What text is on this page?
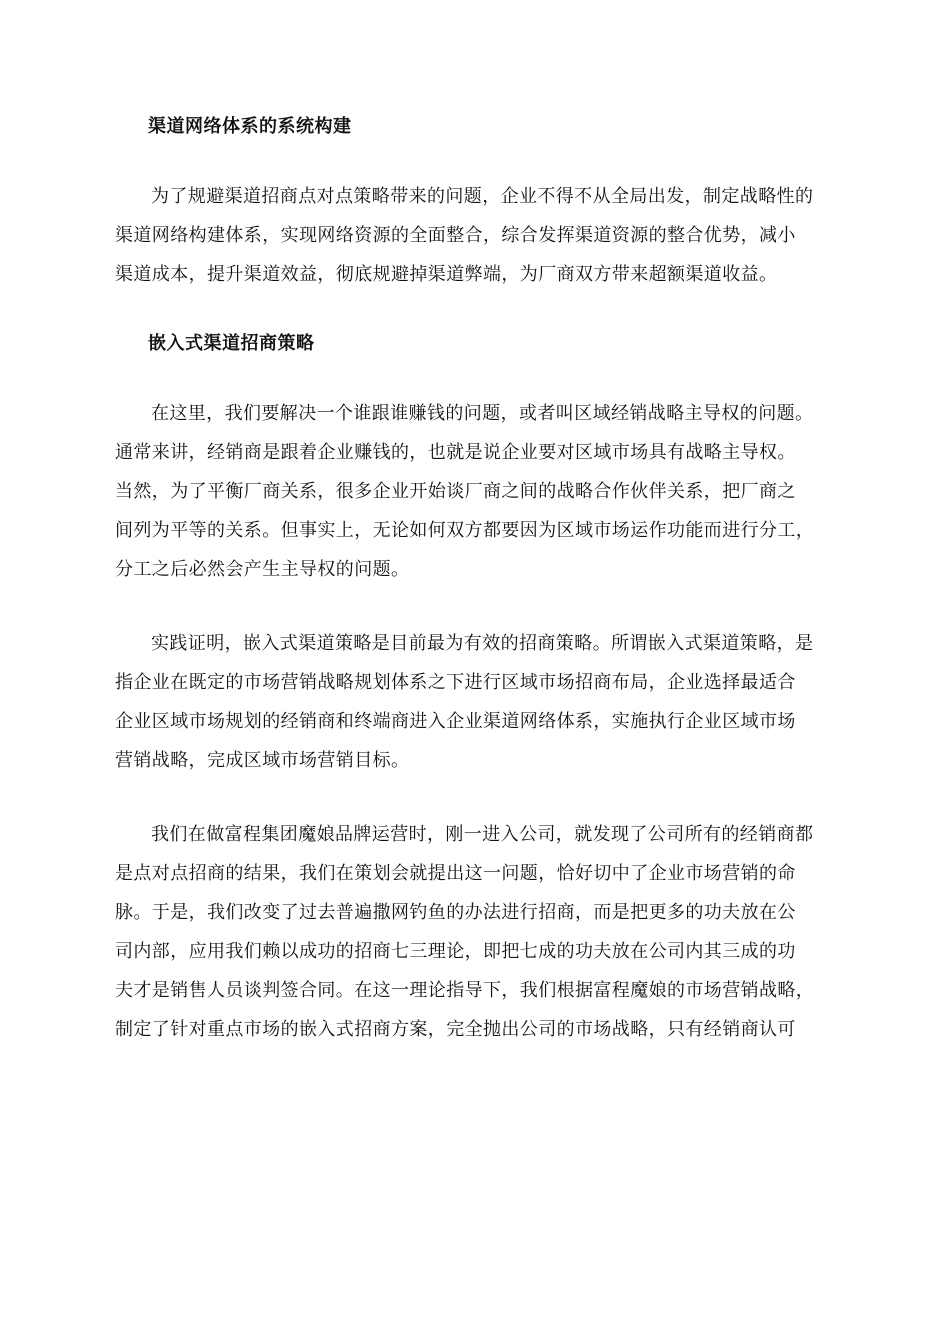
渠道网络体系的系统构建
为了规避渠道招商点对点策略带来的问题，企业不得不从全局出发，制定战略性的
渠道网络构建体系，实现网络资源的全面整合，综合发挥渠道资源的整合优势，减小
渠道成本，提升渠道效益，彻底规避掉渠道弊端，为厂商双方带来超额渠道收益。
嵌入式渠道招商策略
在这里，我们要解决一个谁跟谁赚钱的问题，或者叫区域经销战略主导权的问题。
通常来讲，经销商是跟着企业赚钱的，也就是说企业要对区域市场具有战略主导权。
当然，为了平衡厂商关系，很多企业开始谈厂商之间的战略合作伙伴关系，把厂商之
间列为平等的关系。但事实上，无论如何双方都要因为区域市场运作功能而进行分工，
分工之后必然会产生主导权的问题。
实践证明，嵌入式渠道策略是目前最为有效的招商策略。所谓嵌入式渠道策略，是
指企业在既定的市场营销战略规划体系之下进行区域市场招商布局，企业选择最适合
企业区域市场规划的经销商和终端商进入企业渠道网络体系，实施执行企业区域市场
营销战略，完成区域市场营销目标。
我们在做富程集团魔娘品牌运营时，刚一进入公司，就发现了公司所有的经销商都
是点对点招商的结果，我们在策划会就提出这一问题，恰好切中了企业市场营销的命
脉。于是，我们改变了过去普遍撒网钓鱼的办法进行招商，而是把更多的功夫放在公
司内部，应用我们赖以成功的招商七三理论，即把七成的功夫放在公司内其三成的功
夫才是销售人员谈判签合同。在这一理论指导下，我们根据富程魔娘的市场营销战略，
制定了针对重点市场的嵌入式招商方案，完全抛出公司的市场战略，只有经销商认可
